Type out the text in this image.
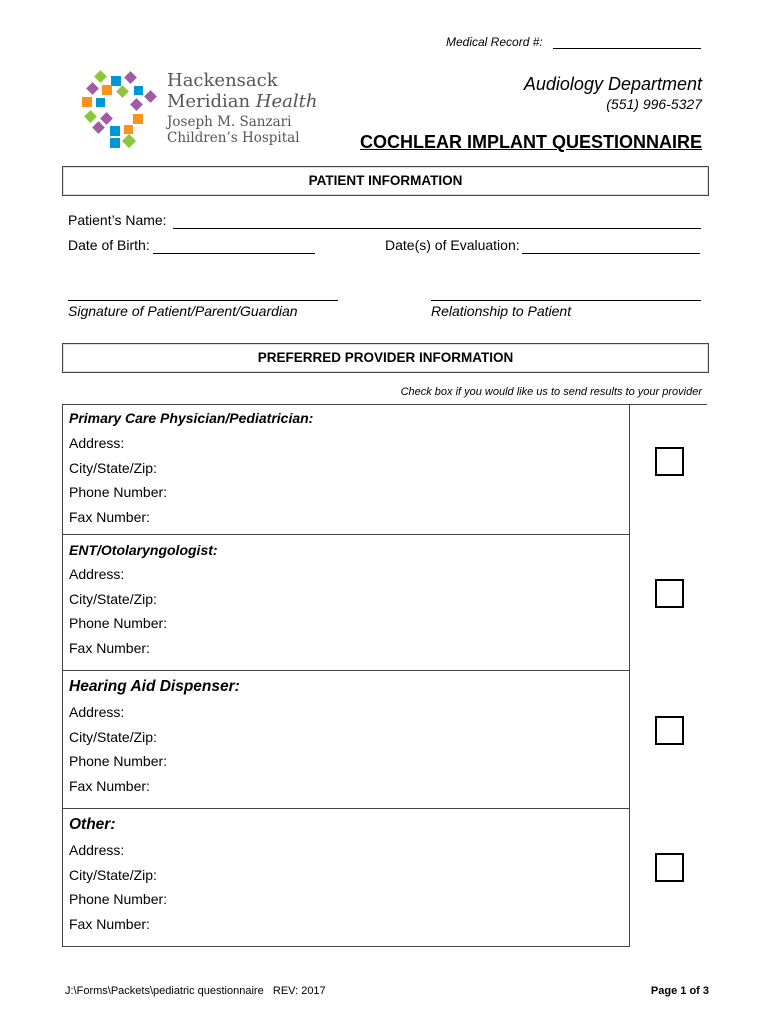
Medical Record #:
Hackensack
Meridian Health
Joseph M. Sanzari
Children’s Hospital
Audiology Department
(551) 996-5327
COCHLEAR IMPLANT QUESTIONNAIRE
PATIENT INFORMATION
Patient’s Name:
Date of Birth:	Date(s) of Evaluation:
Signature of Patient/Parent/Guardian	Relationship to Patient
PREFERRED PROVIDER INFORMATION
Check box if you would like us to send results to your provider
Primary Care Physician/Pediatrician:
Address:
City/State/Zip:
Phone Number:
Fax Number:
ENT/Otolaryngologist:
Address:
City/State/Zip:
Phone Number:
Fax Number:
Hearing Aid Dispenser:
Address:
City/State/Zip:
Phone Number:
Fax Number:
Other:
Address:
City/State/Zip:
Phone Number:
Fax Number:
J:\Forms\Packets\pediatric questionnaire REV: 2017	Page 1 of 3
